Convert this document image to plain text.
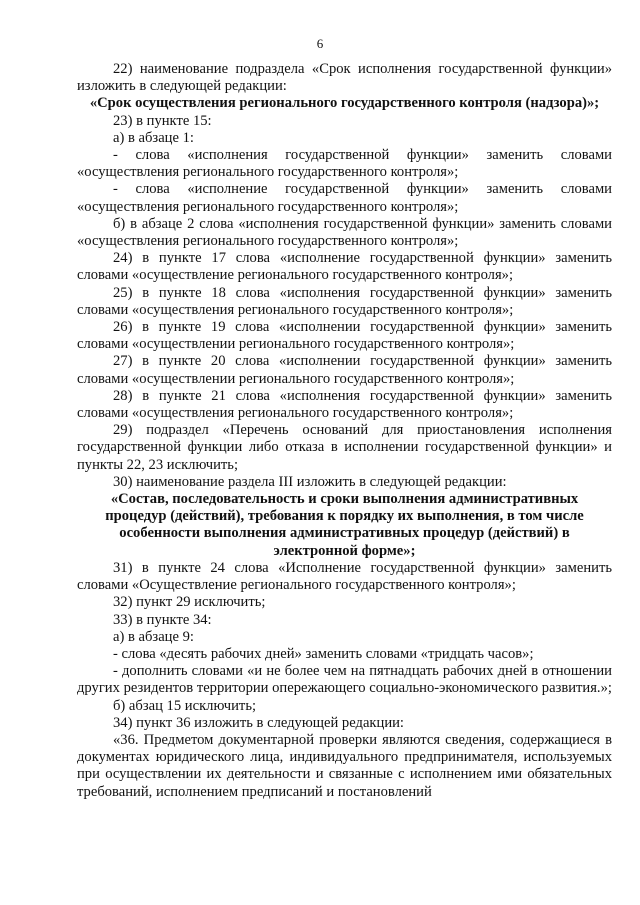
6

22) наименование подраздела «Срок исполнения государственной функции» изложить в следующей редакции:

«Срок осуществления регионального государственного контроля (надзора)»;

23) в пункте 15:

а) в абзаце 1:

- слова «исполнения государственной функции» заменить словами «осуществления регионального государственного контроля»;

- слова «исполнение государственной функции» заменить словами «осуществления регионального государственного контроля»;

б) в абзаце 2 слова «исполнения государственной функции» заменить словами «осуществления регионального государственного контроля»;

24) в пункте 17 слова «исполнение государственной функции» заменить словами «осуществление регионального государственного контроля»;

25) в пункте 18 слова «исполнения государственной функции» заменить словами «осуществления регионального государственного контроля»;

26) в пункте 19 слова «исполнении государственной функции» заменить словами «осуществлении регионального государственного контроля»;

27) в пункте 20 слова «исполнении государственной функции» заменить словами «осуществлении регионального государственного контроля»;

28) в пункте 21 слова «исполнения государственной функции» заменить словами «осуществления регионального государственного контроля»;

29) подраздел «Перечень оснований для приостановления исполнения государственной функции либо отказа в исполнении государственной функции» и пункты 22, 23 исключить;

30) наименование раздела III изложить в следующей редакции:

«Состав, последовательность и сроки выполнения административных процедур (действий), требования к порядку их выполнения, в том числе особенности выполнения административных процедур (действий) в электронной форме»;

31) в пункте 24 слова «Исполнение государственной функции» заменить словами «Осуществление регионального государственного контроля»;

32) пункт 29 исключить;

33) в пункте 34:

а) в абзаце 9:

- слова «десять рабочих дней» заменить словами «тридцать часов»;

- дополнить словами «и не более чем на пятнадцать рабочих дней в отношении других резидентов территории опережающего социально-экономического развития.»;

б) абзац 15 исключить;

34) пункт 36 изложить в следующей редакции:

«36. Предметом документарной проверки являются сведения, содержащиеся в документах юридического лица, индивидуального предпринимателя, используемых при осуществлении их деятельности и связанные с исполнением ими обязательных требований, исполнением предписаний и постановлений
